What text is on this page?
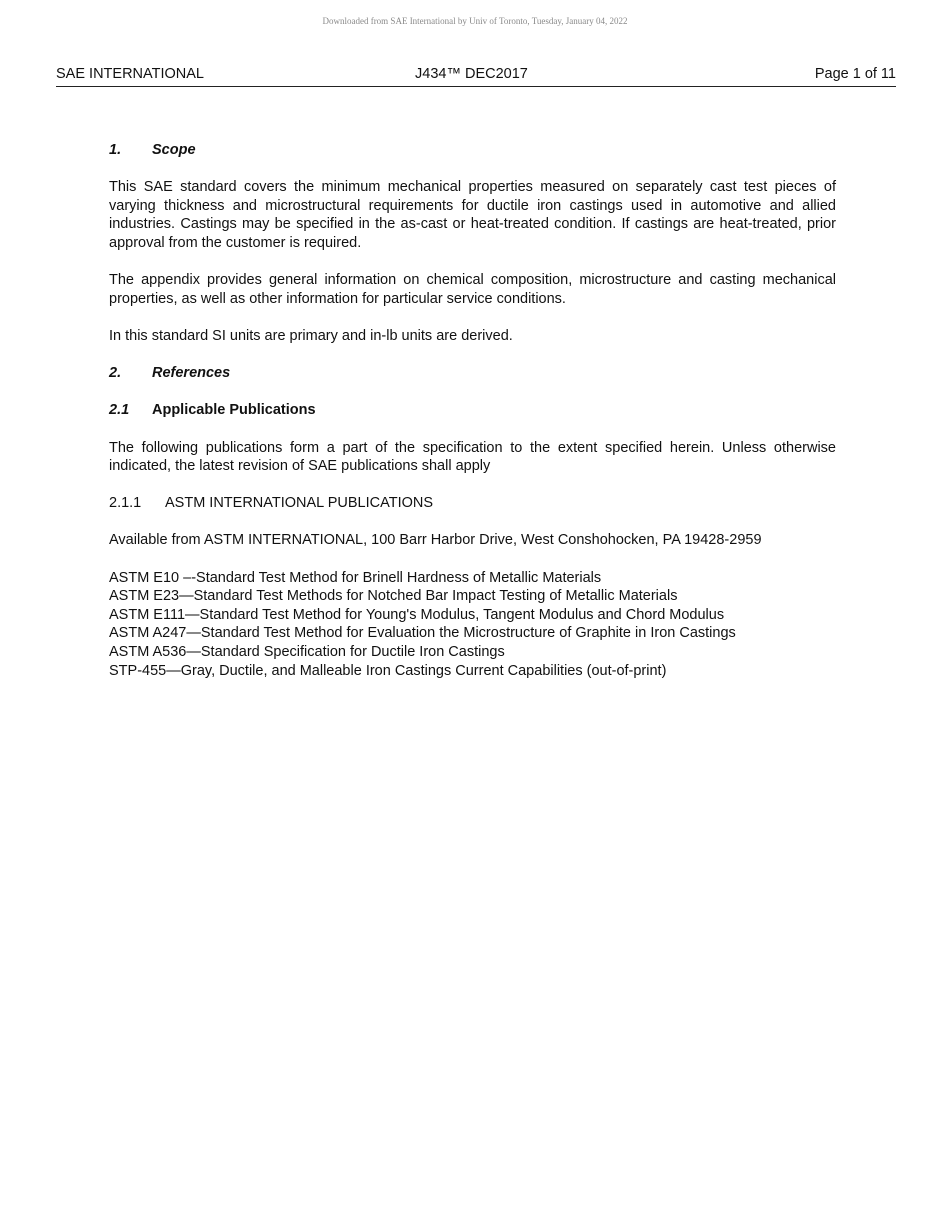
Downloaded from SAE International by Univ of Toronto, Tuesday, January 04, 2022
SAE INTERNATIONAL	J434™ DEC2017	Page 1 of 11
1. Scope

This SAE standard covers the minimum mechanical properties measured on separately cast test pieces of varying thickness and microstructural requirements for ductile iron castings used in automotive and allied industries. Castings may be specified in the as-cast or heat-treated condition. If castings are heat-treated, prior approval from the customer is required.

The appendix provides general information on chemical composition, microstructure and casting mechanical properties, as well as other information for particular service conditions.

In this standard SI units are primary and in-lb units are derived.

2. References
2.1 Applicable Publications

The following publications form a part of the specification to the extent specified herein. Unless otherwise indicated, the latest revision of SAE publications shall apply

2.1.1 ASTM INTERNATIONAL PUBLICATIONS

Available from ASTM INTERNATIONAL, 100 Barr Harbor Drive, West Conshohocken, PA 19428-2959

ASTM E10 –-Standard Test Method for Brinell Hardness of Metallic Materials
ASTM E23—Standard Test Methods for Notched Bar Impact Testing of Metallic Materials
ASTM E111—Standard Test Method for Young's Modulus, Tangent Modulus and Chord Modulus
ASTM A247—Standard Test Method for Evaluation the Microstructure of Graphite in Iron Castings
ASTM A536—Standard Specification for Ductile Iron Castings
STP-455—Gray, Ductile, and Malleable Iron Castings Current Capabilities (out-of-print)
